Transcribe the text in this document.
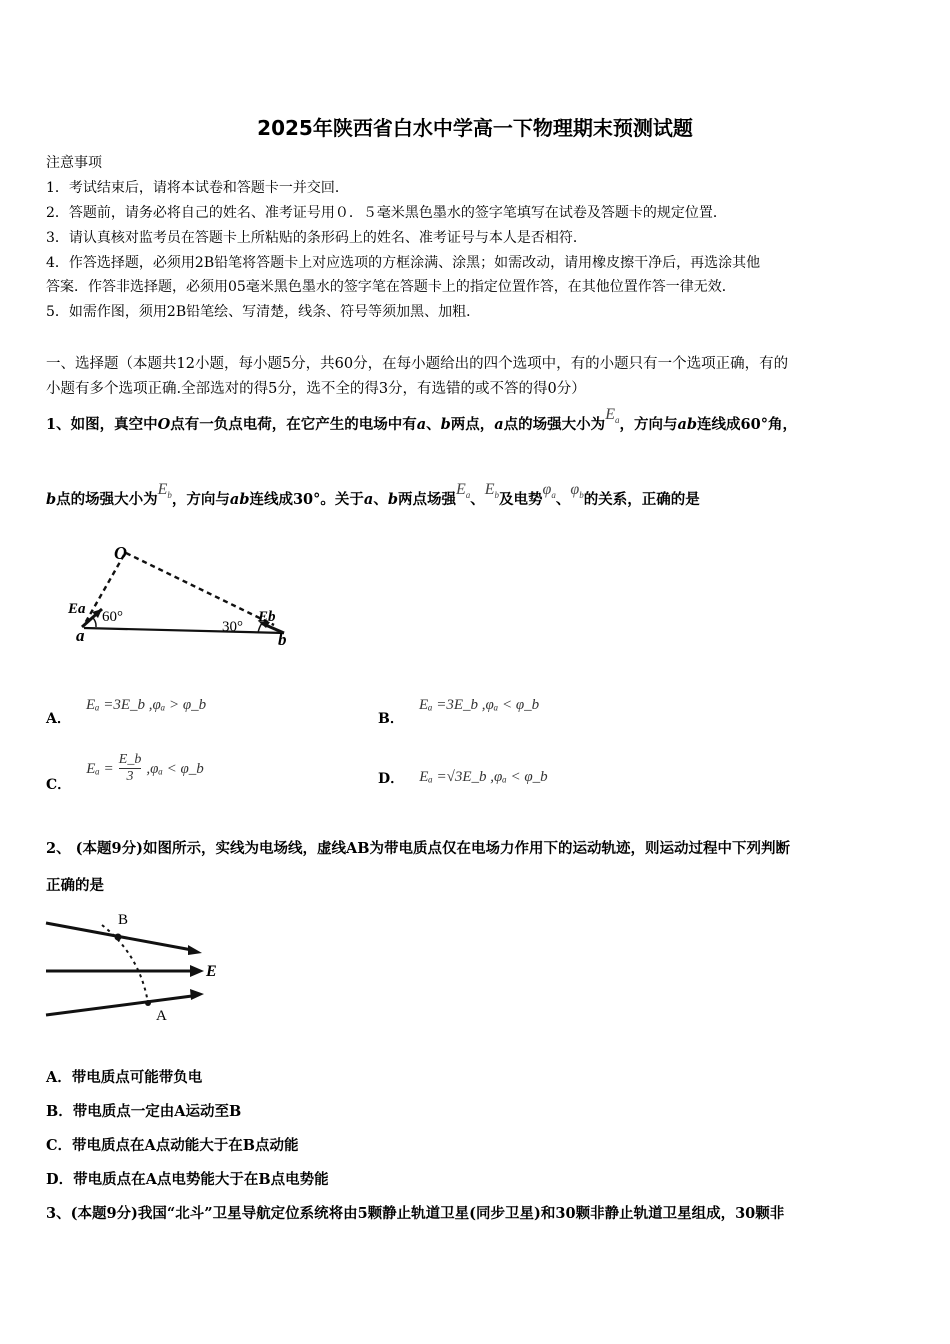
2025年陕西省白水中学高一下物理期末预测试题
注意事项
1．考试结束后，请将本试卷和答题卡一并交回．
2．答题前，请务必将自己的姓名、准考证号用０．５毫米黑色墨水的签字笔填写在试卷及答题卡的规定位置．
3．请认真核对监考员在答题卡上所粘贴的条形码上的姓名、准考证号与本人是否相符．
4．作答选择题，必须用2B铅笔将答题卡上对应选项的方框涂满、涂黑；如需改动，请用橡皮擦干净后，再选涂其他
答案．作答非选择题，必须用05毫米黑色墨水的签字笔在答题卡上的指定位置作答，在其他位置作答一律无效．
5．如需作图，须用2B铅笔绘、写清楚，线条、符号等须加黑、加粗．
一、选择题（本题共12小题，每小题5分，共60分，在每小题给出的四个选项中，有的小题只有一个选项正确，有的
小题有多个选项正确.全部选对的得5分，选不全的得3分，有选错的或不答的得0分）
1、如图，真空中O点有一负点电荷，在它产生的电场中有a、b两点，a点的场强大小为$E_a$，方向与ab连线成60°角，
b点的场强大小为$E_b$，方向与ab连线成30°。关于a、b两点场强$E_a$、$E_b$及电势$\varphi_a$、$\varphi_b$的关系，正确的是
O
Ea 60°
a	30°
Eb
b
A． Eₐ =3E_b ,φₐ > φ_b
B． Eₐ =3E_b ,φₐ < φ_b
C． $E_a = \frac{E\_b}{3} ,\varphi_a$ < φ_b
D． Eₐ =√3E_b ,φₐ < φ_b
2、 (本题9分)如图所示，实线为电场线，虚线AB为带电质点仅在电场力作用下的运动轨迹，则运动过程中下列判断
正确的是
B
A
E
A．带电质点可能带负电
B．带电质点一定由A运动至B
C．带电质点在A点动能大于在B点动能
D．带电质点在A点电势能大于在B点电势能
3、(本题9分)我国“北斗”卫星导航定位系统将由5颗静止轨道卫星(同步卫星)和30颗非静止轨道卫星组成，30颗非
